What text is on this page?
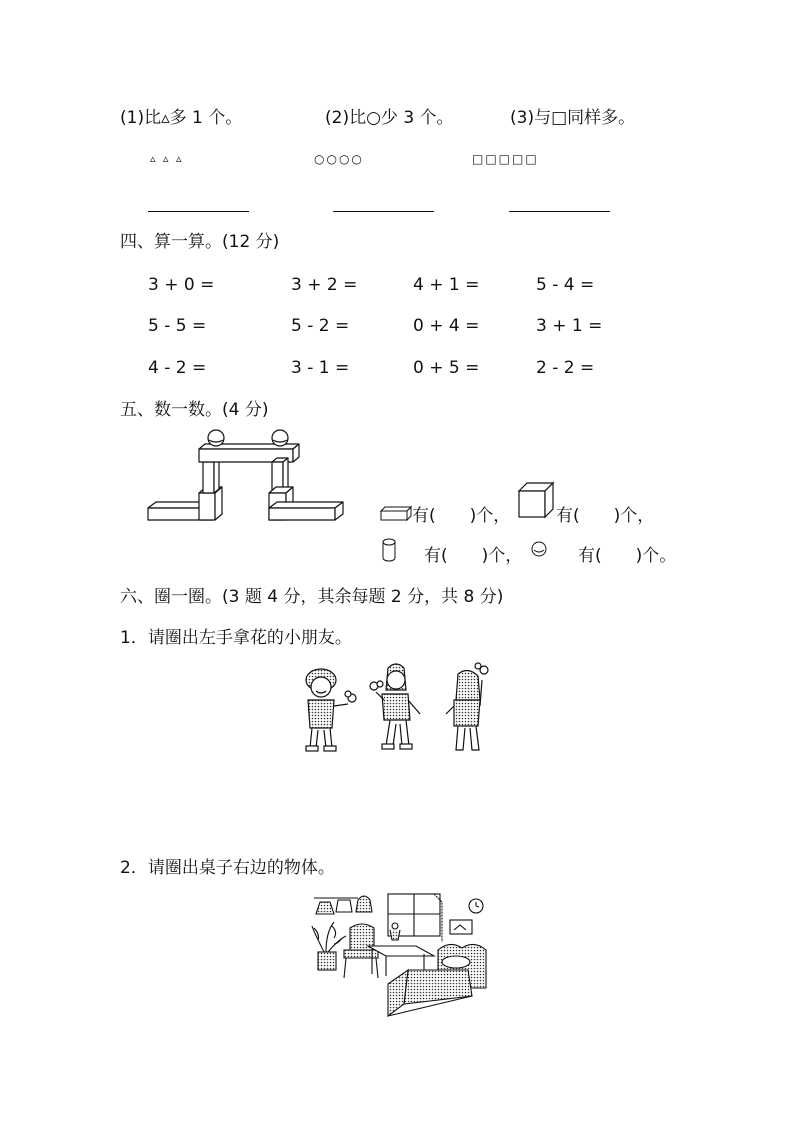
(1)比▵多 1 个。	(2)比○少 3 个。	(3)与□同样多。
▵ ▵ ▵	○○○○	□□□□□
四、算一算。(12 分)
3 + 0 =	3 + 2 =	4 + 1 =	5 - 4 =
5 - 5 =	5 - 2 =	0 + 4 =	3 + 1 =
4 - 2 =	3 - 1 =	0 + 5 =	2 - 2 =
五、数一数。(4 分)
有(　　)个，	有(　　)个，
有(　　)个，	有(　　)个。
六、圈一圈。(3 题 4 分，其余每题 2 分，共 8 分)
1．请圈出左手拿花的小朋友。
2．请圈出桌子右边的物体。
